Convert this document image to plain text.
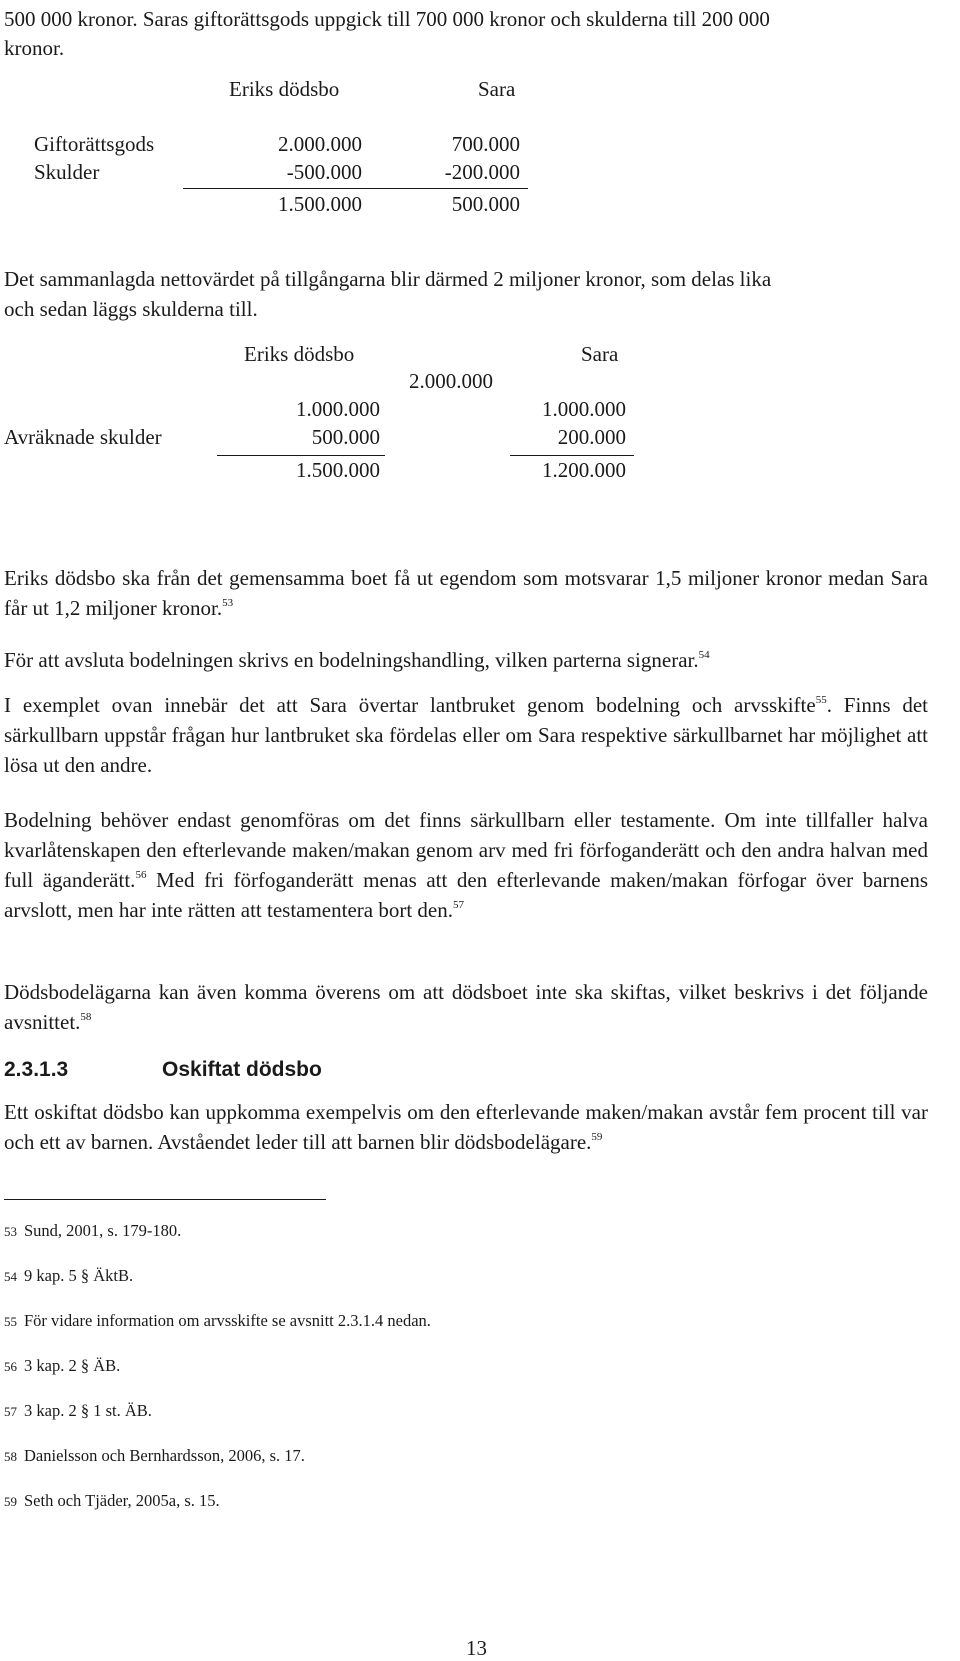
500 000 kronor. Saras giftorättsgods uppgick till 700 000 kronor och skulderna till 200 000
kronor.
Eriks dödsbo	Sara
Giftorättsgods	2.000.000	700.000
Skulder	-500.000	-200.000
1.500.000	500.000
Det sammanlagda nettovärdet på tillgångarna blir därmed 2 miljoner kronor, som delas lika
och sedan läggs skulderna till.
Eriks dödsbo	Sara
2.000.000
1.000.000	1.000.000
Avräknade skulder	500.000	200.000
1.500.000	1.200.000
Eriks dödsbo ska från det gemensamma boet få ut egendom som motsvarar 1,5 miljoner kronor medan Sara får ut 1,2 miljoner kronor.$^{53}$
För att avsluta bodelningen skrivs en bodelningshandling, vilken parterna signerar.$^{54}$
I exemplet ovan innebär det att Sara övertar lantbruket genom bodelning och arvsskifte$^{55}$. Finns det särkullbarn uppstår frågan hur lantbruket ska fördelas eller om Sara respektive särkullbarnet har möjlighet att lösa ut den andre.
Bodelning behöver endast genomföras om det finns särkullbarn eller testamente. Om inte tillfaller halva kvarlåtenskapen den efterlevande maken/makan genom arv med fri förfoganderätt och den andra halvan med full äganderätt.$^{56}$ Med fri förfoganderätt menas att den efterlevande maken/makan förfogar över barnens arvslott, men har inte rätten att testamentera bort den.$^{57}$
Dödsbodelägarna kan även komma överens om att dödsboet inte ska skiftas, vilket beskrivs i det följande avsnittet.$^{58}$
2.3.1.3	Oskiftat dödsbo
Ett oskiftat dödsbo kan uppkomma exempelvis om den efterlevande maken/makan avstår fem procent till var och ett av barnen. Avståendet leder till att barnen blir dödsbodelägare.$^{59}$
53 Sund, 2001, s. 179-180.
54 9 kap. 5 § ÄktB.
55 För vidare information om arvsskifte se avsnitt 2.3.1.4 nedan.
56 3 kap. 2 § ÄB.
57 3 kap. 2 § 1 st. ÄB.
58 Danielsson och Bernhardsson, 2006, s. 17.
59 Seth och Tjäder, 2005a, s. 15.
13
